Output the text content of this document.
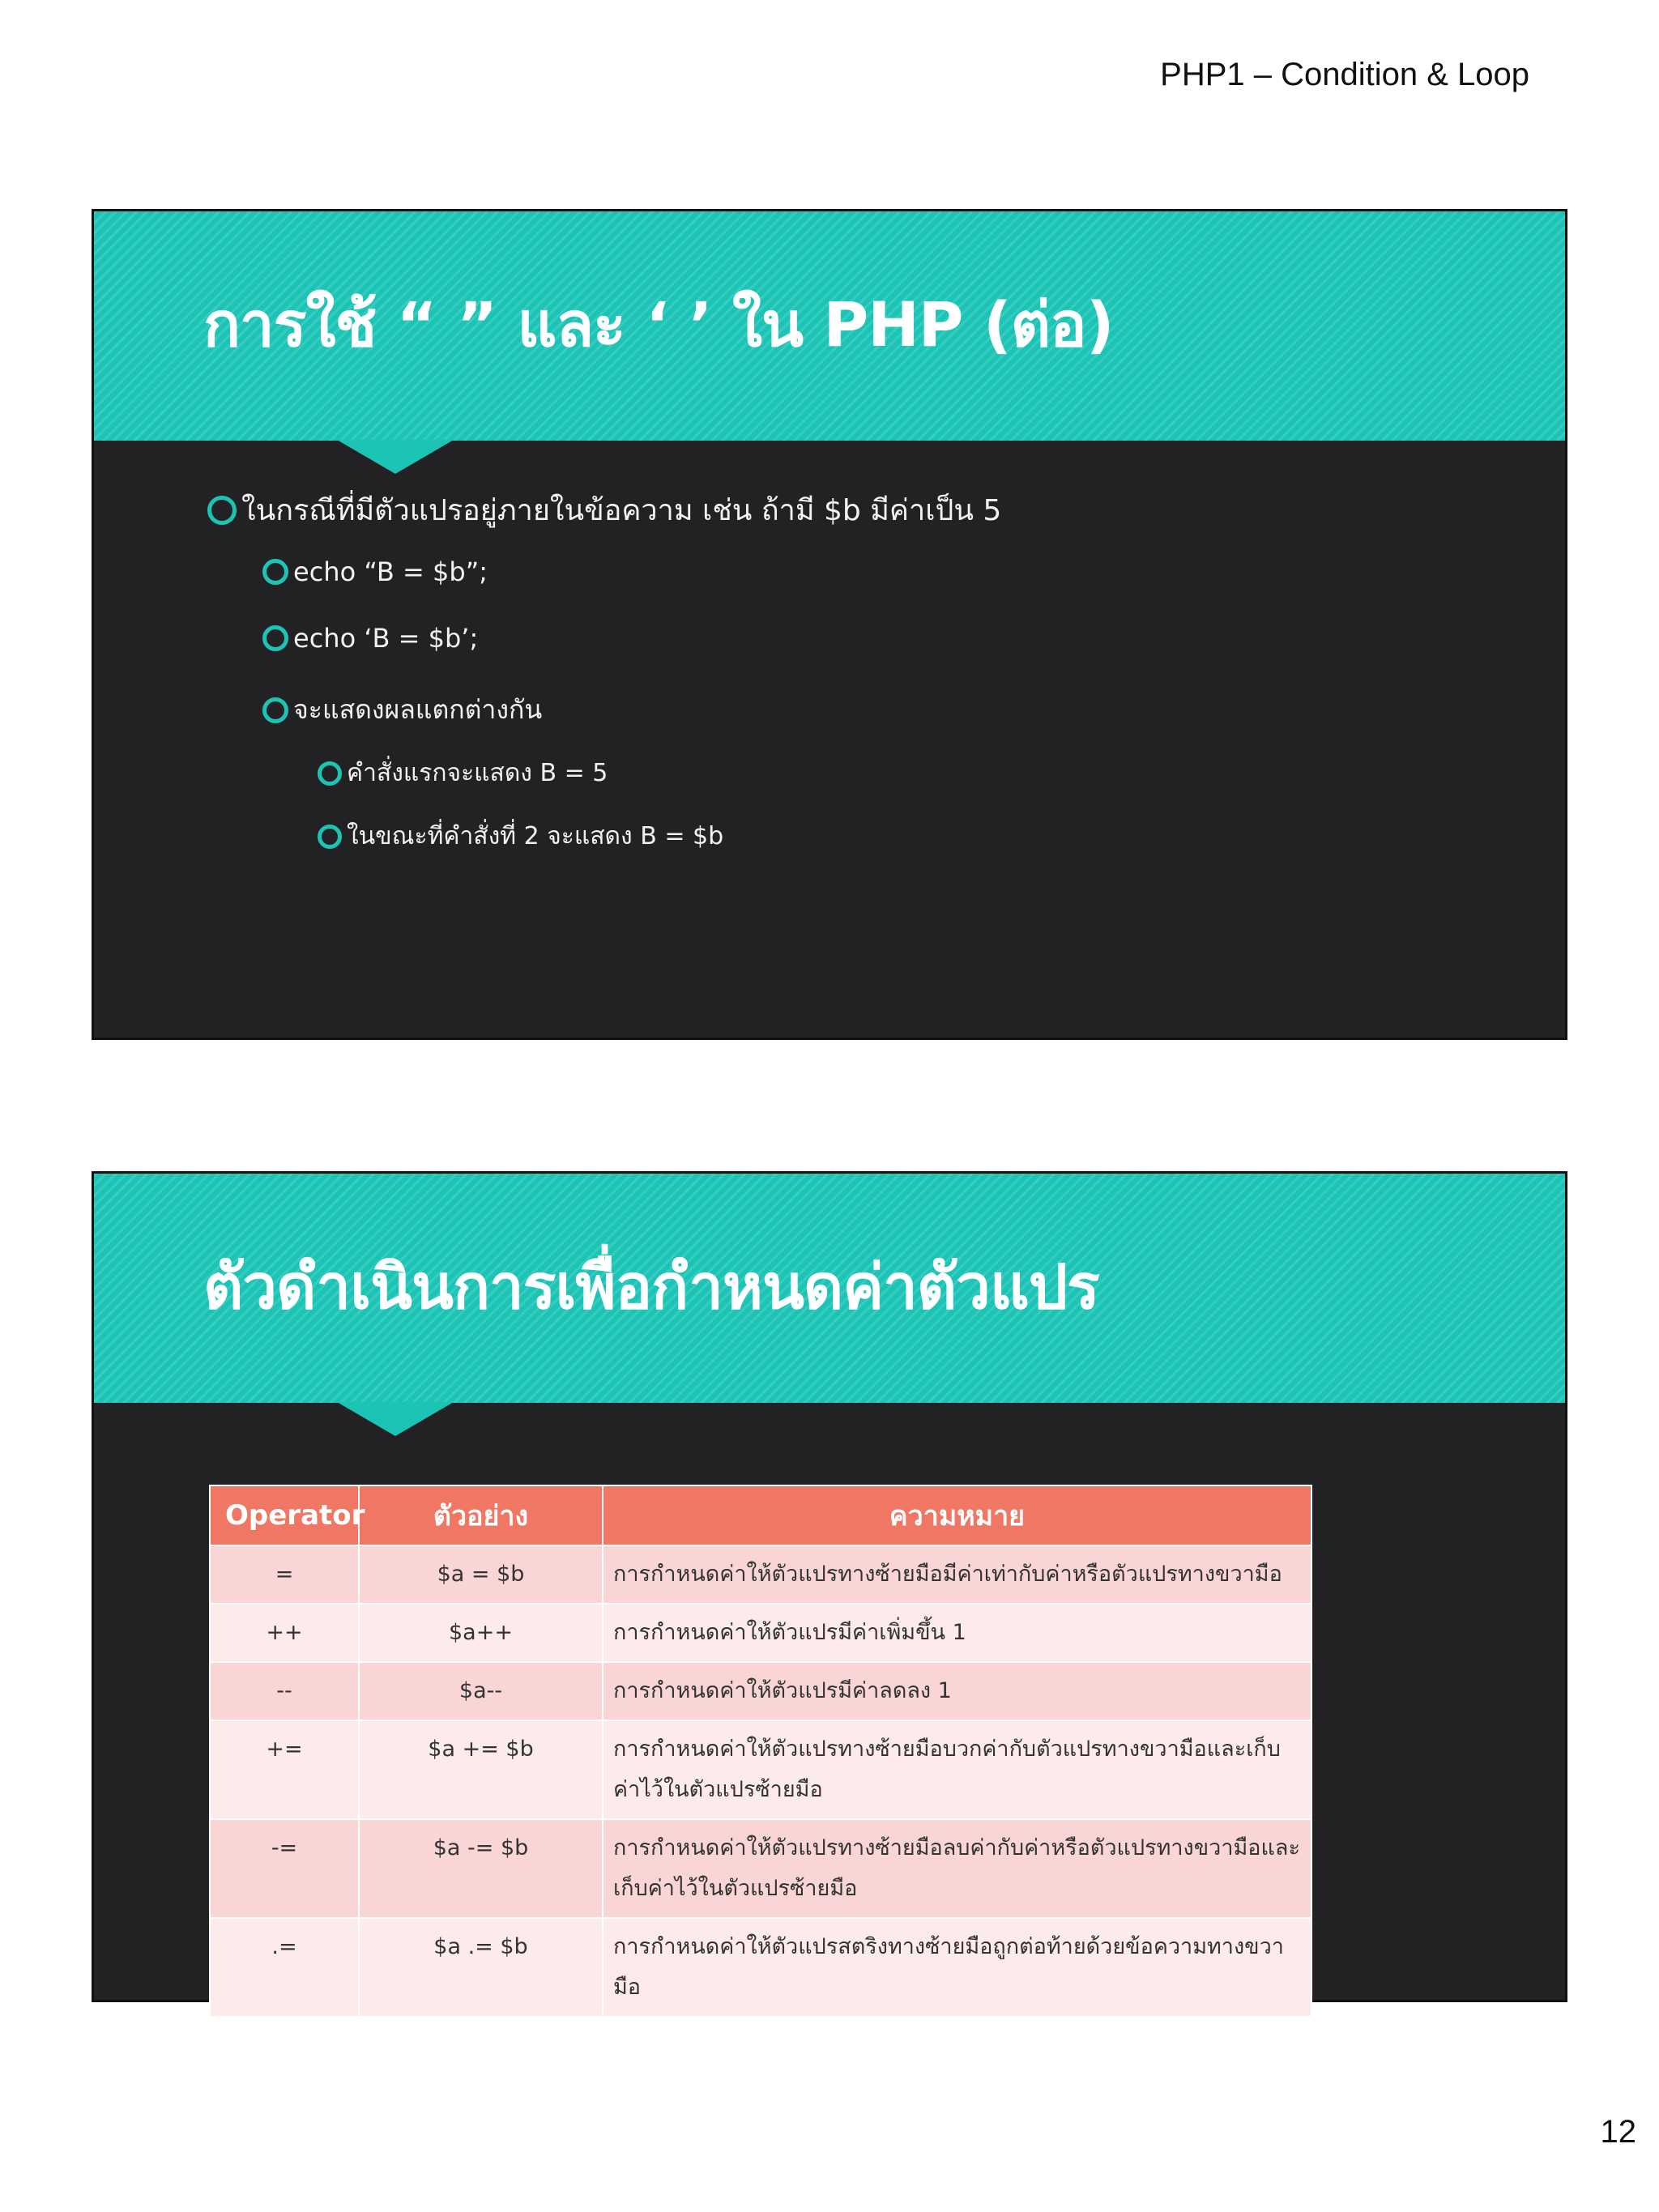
PHP1 – Condition & Loop
การใช้ “ ” และ ‘ ’ ใน PHP (ต่อ)
ในกรณีที่มีตัวแปรอยู่ภายในข้อความ เช่น ถ้ามี $b มีค่าเป็น 5
echo “B = $b”;
echo ‘B = $b’;
จะแสดงผลแตกต่างกัน
คำสั่งแรกจะแสดง B = 5
ในขณะที่คำสั่งที่ 2 จะแสดง B = $b
ตัวดำเนินการเพื่อกำหนดค่าตัวแปร
Operator	ตัวอย่าง	ความหมาย
=	$a = $b	การกำหนดค่าให้ตัวแปรทางซ้ายมือมีค่าเท่ากับค่าหรือตัวแปรทางขวามือ
++	$a++	การกำหนดค่าให้ตัวแปรมีค่าเพิ่มขึ้น 1
--	$a--	การกำหนดค่าให้ตัวแปรมีค่าลดลง 1
+=	$a += $b	การกำหนดค่าให้ตัวแปรทางซ้ายมือบวกค่ากับตัวแปรทางขวามือและเก็บค่าไว้ในตัวแปรซ้ายมือ
-=	$a -= $b	การกำหนดค่าให้ตัวแปรทางซ้ายมือลบค่ากับค่าหรือตัวแปรทางขวามือและเก็บค่าไว้ในตัวแปรซ้ายมือ
.=	$a .= $b	การกำหนดค่าให้ตัวแปรสตริงทางซ้ายมือถูกต่อท้ายด้วยข้อความทางขวามือ
12
